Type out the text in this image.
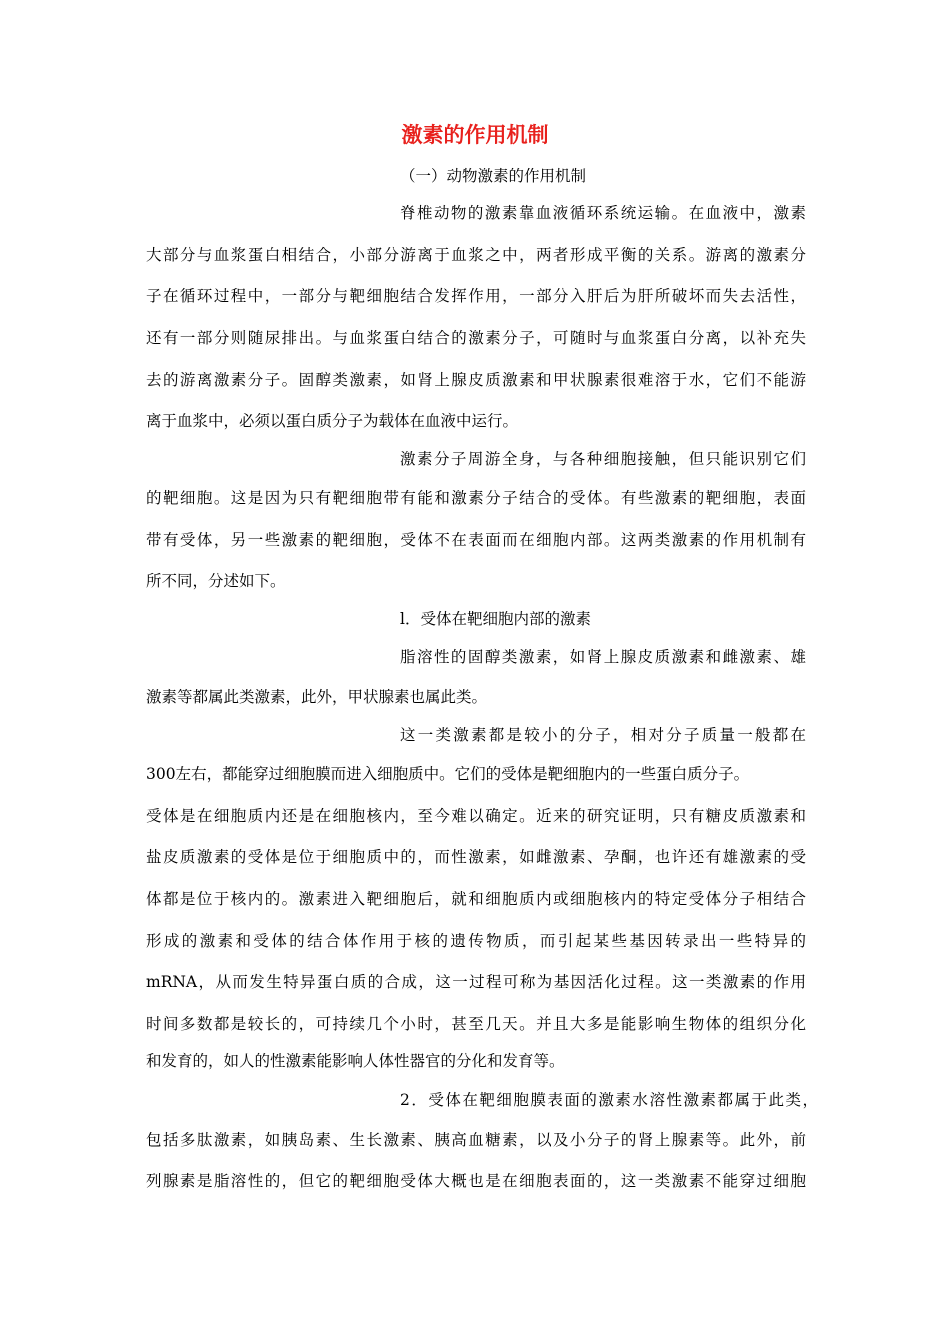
激素的作用机制
（一）动物激素的作用机制
脊椎动物的激素靠血液循环系统运输。在血液中，激素
大部分与血浆蛋白相结合，小部分游离于血浆之中，两者形成平衡的关系。游离的激素分
子在循环过程中，一部分与靶细胞结合发挥作用，一部分入肝后为肝所破坏而失去活性，
还有一部分则随尿排出。与血浆蛋白结合的激素分子，可随时与血浆蛋白分离，以补充失
去的游离激素分子。固醇类激素，如肾上腺皮质激素和甲状腺素很难溶于水，它们不能游
离于血浆中，必须以蛋白质分子为载体在血液中运行。
激素分子周游全身，与各种细胞接触，但只能识别它们
的靶细胞。这是因为只有靶细胞带有能和激素分子结合的受体。有些激素的靶细胞，表面
带有受体，另一些激素的靶细胞，受体不在表面而在细胞内部。这两类激素的作用机制有
所不同，分述如下。
l．受体在靶细胞内部的激素
脂溶性的固醇类激素，如肾上腺皮质激素和雌激素、雄
激素等都属此类激素，此外，甲状腺素也属此类。
这一类激素都是较小的分子，相对分子质量一般都在
300左右，都能穿过细胞膜而进入细胞质中。它们的受体是靶细胞内的一些蛋白质分子。
受体是在细胞质内还是在细胞核内，至今难以确定。近来的研究证明，只有糖皮质激素和
盐皮质激素的受体是位于细胞质中的，而性激素，如雌激素、孕酮，也许还有雄激素的受
体都是位于核内的。激素进入靶细胞后，就和细胞质内或细胞核内的特定受体分子相结合
形成的激素和受体的结合体作用于核的遗传物质，而引起某些基因转录出一些特异的
mRNA，从而发生特异蛋白质的合成，这一过程可称为基因活化过程。这一类激素的作用
时间多数都是较长的，可持续几个小时，甚至几天。并且大多是能影响生物体的组织分化
和发育的，如人的性激素能影响人体性器官的分化和发育等。
2．受体在靶细胞膜表面的激素水溶性激素都属于此类，
包括多肽激素，如胰岛素、生长激素、胰高血糖素，以及小分子的肾上腺素等。此外，前
列腺素是脂溶性的，但它的靶细胞受体大概也是在细胞表面的，这一类激素不能穿过细胞
